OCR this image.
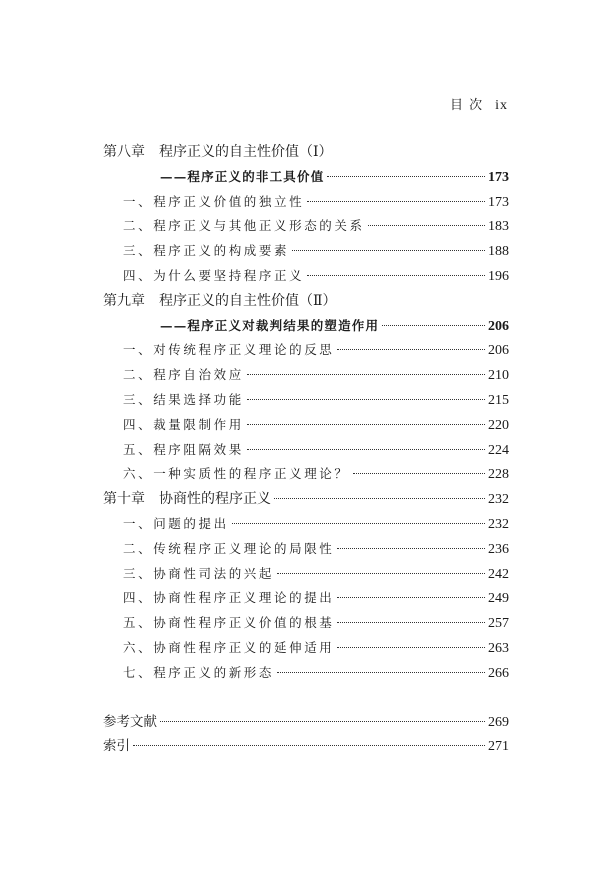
目 次 ix
第八章 程序正义的自主性价值（Ⅰ）
——程序正义的非工具价值	173
一、程序正义价值的独立性	173
二、程序正义与其他正义形态的关系	183
三、程序正义的构成要素	188
四、为什么要坚持程序正义	196
第九章 程序正义的自主性价值（Ⅱ）
——程序正义对裁判结果的塑造作用	206
一、对传统程序正义理论的反思	206
二、程序自治效应	210
三、结果选择功能	215
四、裁量限制作用	220
五、程序阻隔效果	224
六、一种实质性的程序正义理论？	228
第十章 协商性的程序正义	232
一、问题的提出	232
二、传统程序正义理论的局限性	236
三、协商性司法的兴起	242
四、协商性程序正义理论的提出	249
五、协商性程序正义价值的根基	257
六、协商性程序正义的延伸适用	263
七、程序正义的新形态	266
参考文献	269
索引	271
